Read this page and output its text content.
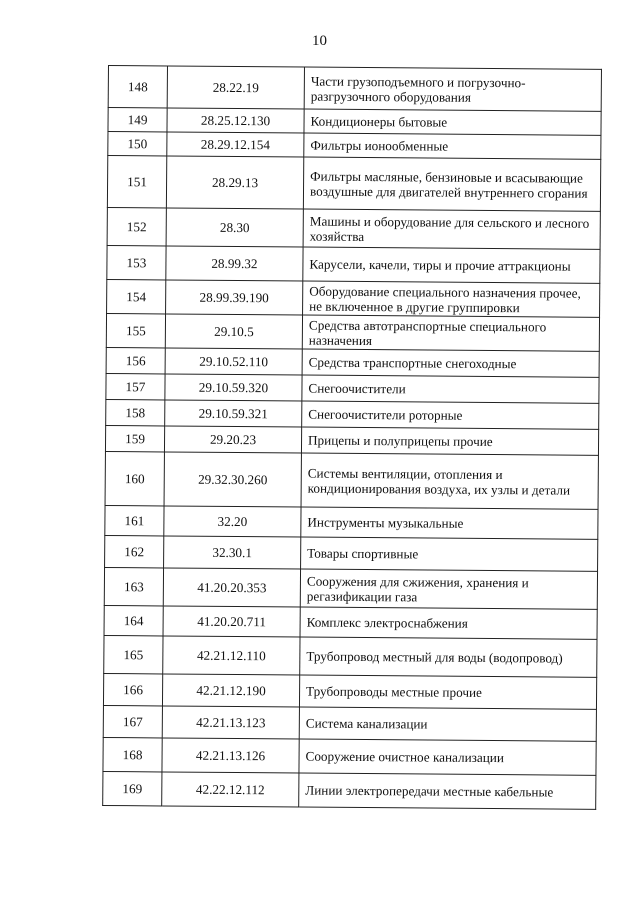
10
148	28.22.19	Части грузоподъемного и погрузочно-разгрузочного оборудования
149	28.25.12.130	Кондиционеры бытовые
150	28.29.12.154	Фильтры ионообменные
151	28.29.13	Фильтры масляные, бензиновые и всасывающие воздушные для двигателей внутреннего сгорания
152	28.30	Машины и оборудование для сельского и лесного хозяйства
153	28.99.32	Карусели, качели, тиры и прочие аттракционы
154	28.99.39.190	Оборудование специального назначения прочее, не включенное в другие группировки
155	29.10.5	Средства автотранспортные специального назначения
156	29.10.52.110	Средства транспортные снегоходные
157	29.10.59.320	Снегоочистители
158	29.10.59.321	Снегоочистители роторные
159	29.20.23	Прицепы и полуприцепы прочие
160	29.32.30.260	Системы вентиляции, отопления и кондиционирования воздуха, их узлы и детали
161	32.20	Инструменты музыкальные
162	32.30.1	Товары спортивные
163	41.20.20.353	Сооружения для сжижения, хранения и регазификации газа
164	41.20.20.711	Комплекс электроснабжения
165	42.21.12.110	Трубопровод местный для воды (водопровод)
166	42.21.12.190	Трубопроводы местные прочие
167	42.21.13.123	Система канализации
168	42.21.13.126	Сооружение очистное канализации
169	42.22.12.112	Линии электропередачи местные кабельные
